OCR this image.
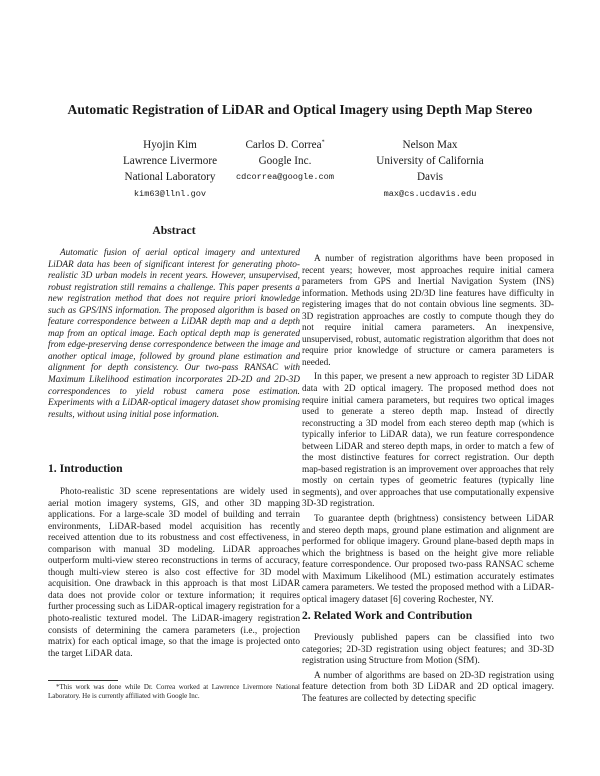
Automatic Registration of LiDAR and Optical Imagery using Depth Map Stereo
Hyojin Kim
Lawrence Livermore
National Laboratory
kim63@llnl.gov
Carlos D. Correa*
Google Inc.
cdcorrea@google.com
Nelson Max
University of California
Davis
max@cs.ucdavis.edu
Abstract

Automatic fusion of aerial optical imagery and untextured LiDAR data has been of significant interest for generating photo-realistic 3D urban models in recent years. However, unsupervised, robust registration still remains a challenge. This paper presents a new registration method that does not require priori knowledge such as GPS/INS information. The proposed algorithm is based on feature correspondence between a LiDAR depth map and a depth map from an optical image. Each optical depth map is generated from edge-preserving dense correspondence between the image and another optical image, followed by ground plane estimation and alignment for depth consistency. Our two-pass RANSAC with Maximum Likelihood estimation incorporates 2D-2D and 2D-3D correspondences to yield robust camera pose estimation. Experiments with a LiDAR-optical imagery dataset show promising results, without using initial pose information.

1. Introduction

Photo-realistic 3D scene representations are widely used in aerial motion imagery systems, GIS, and other 3D mapping applications. For a large-scale 3D model of building and terrain environments, LiDAR-based model acquisition has recently received attention due to its robustness and cost effectiveness, in comparison with manual 3D modeling. LiDAR approaches outperform multi-view stereo reconstructions in terms of accuracy, though multi-view stereo is also cost effective for 3D model acquisition. One drawback in this approach is that most LiDAR data does not provide color or texture information; it requires further processing such as LiDAR-optical imagery registration for a photo-realistic textured model. The LiDAR-imagery registration consists of determining the camera parameters (i.e., projection matrix) for each optical image, so that the image is projected onto the target LiDAR data.

*This work was done while Dr. Correa worked at Lawrence Livermore National Laboratory. He is currently affiliated with Google Inc.

A number of registration algorithms have been proposed in recent years; however, most approaches require initial camera parameters from GPS and Inertial Navigation System (INS) information. Methods using 2D/3D line features have difficulty in registering images that do not contain obvious line segments. 3D-3D registration approaches are costly to compute though they do not require initial camera parameters. An inexpensive, unsupervised, robust, automatic registration algorithm that does not require prior knowledge of structure or camera parameters is needed.

In this paper, we present a new approach to register 3D LiDAR data with 2D optical imagery. The proposed method does not require initial camera parameters, but requires two optical images used to generate a stereo depth map. Instead of directly reconstructing a 3D model from each stereo depth map (which is typically inferior to LiDAR data), we run feature correspondence between LiDAR and stereo depth maps, in order to match a few of the most distinctive features for correct registration. Our depth map-based registration is an improvement over approaches that rely mostly on certain types of geometric features (typically line segments), and over approaches that use computationally expensive 3D-3D registration.

To guarantee depth (brightness) consistency between LiDAR and stereo depth maps, ground plane estimation and alignment are performed for oblique imagery. Ground plane-based depth maps in which the brightness is based on the height give more reliable feature correspondence. Our proposed two-pass RANSAC scheme with Maximum Likelihood (ML) estimation accurately estimates camera parameters. We tested the proposed method with a LiDAR-optical imagery dataset [6] covering Rochester, NY.

2. Related Work and Contribution

Previously published papers can be classified into two categories; 2D-3D registration using object features; and 3D-3D registration using Structure from Motion (SfM).

A number of algorithms are based on 2D-3D registration using feature detection from both 3D LiDAR and 2D optical imagery. The features are collected by detecting specific
